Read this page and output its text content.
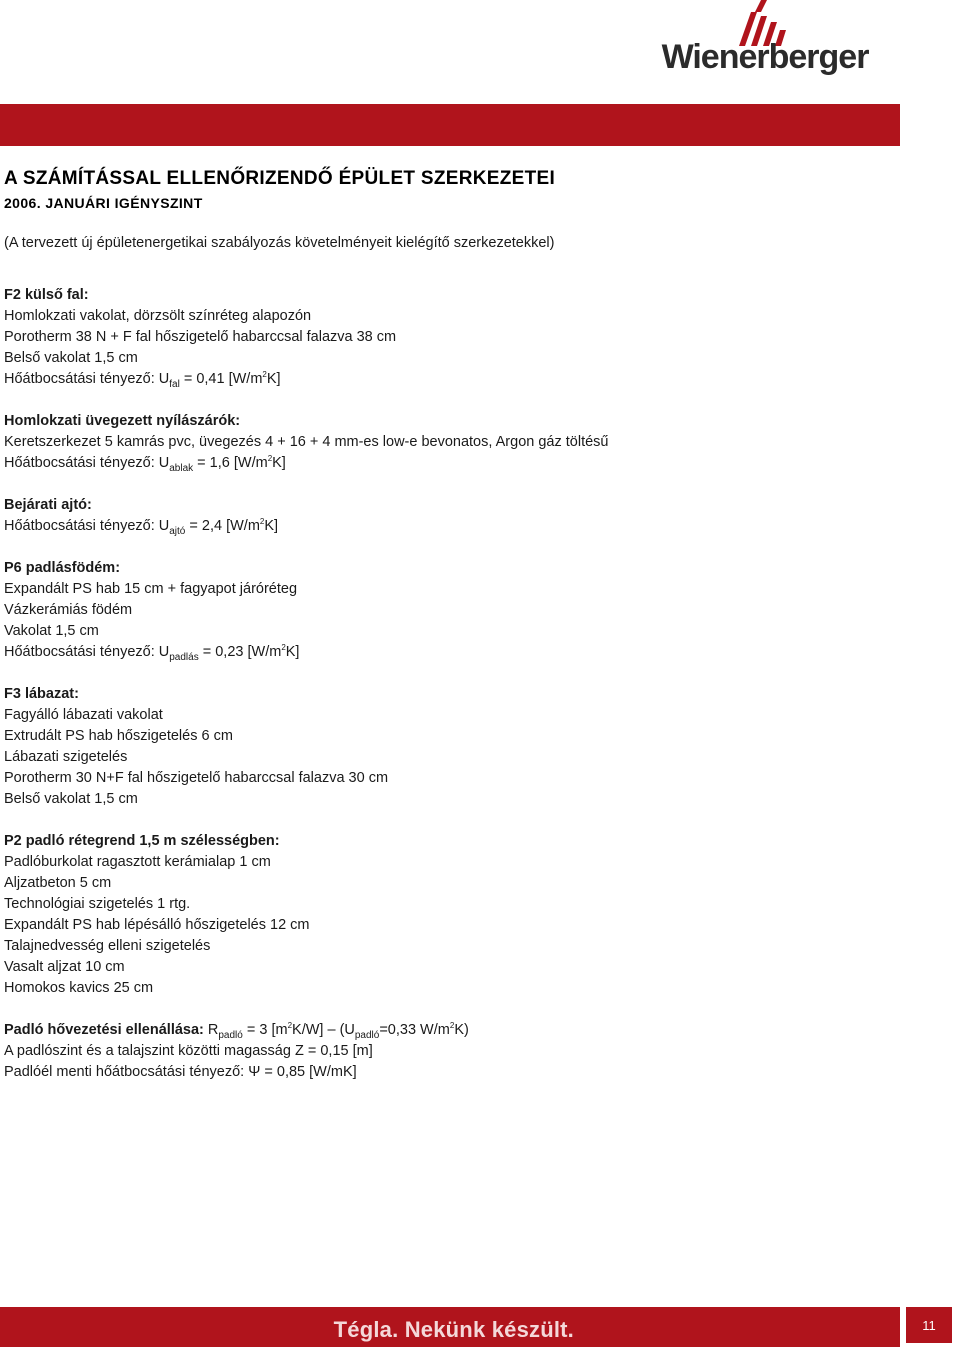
Wienerberger
A SZÁMÍTÁSSAL ELLENŐRIZENDŐ ÉPÜLET SZERKEZETEI
2006. JANUÁRI IGÉNYSZINT
(A tervezett új épületenergetikai szabályozás követelményeit kielégítő szerkezetekkel)
F2 külső fal:
Homlokzati vakolat, dörzsölt színréteg alapozón
Porotherm 38 N + F fal hőszigetelő habarccsal falazva 38 cm
Belső vakolat 1,5 cm
Hőátbocsátási tényező: $U_{fal} = 0,41$ $[W/m^2K]$
Homlokzati üvegezett nyílászárók:
Keretszerkezet 5 kamrás pvc, üvegezés 4 + 16 + 4 mm-es low-e bevonatos, Argon gáz töltésű
Hőátbocsátási tényező: $U_{ablak} = 1,6$ $[W/m^2K]$
Bejárati ajtó:
Hőátbocsátási tényező: $U_{ajtó} = 2,4$ $[W/m^2K]$
P6 padlásfödém:
Expandált PS hab 15 cm + fagyapot járóréteg
Vázkerámiás födém
Vakolat 1,5 cm
Hőátbocsátási tényező: $U_{padlás} = 0,23$ $[W/m^2K]$
F3 lábazat:
Fagyálló lábazati vakolat
Extrudált PS hab hőszigetelés 6 cm
Lábazati szigetelés
Porotherm 30 N+F fal hőszigetelő habarccsal falazva 30 cm
Belső vakolat 1,5 cm
P2 padló rétegrend 1,5 m szélességben:
Padlóburkolat ragasztott kerámialap 1 cm
Aljzatbeton 5 cm
Technológiai szigetelés 1 rtg.
Expandált PS hab lépésálló hőszigetelés 12 cm
Talajnedvesség elleni szigetelés
Vasalt aljzat 10 cm
Homokos kavics 25 cm
Padló hővezetési ellenállása: $R_{padló} = 3$ $[m^2K/W] - (U_{padló}=0,33$ $W/m^2K$)
A padlószint és a talajszint közötti magasság Z = 0,15 [m]
Padlóél menti hőátbocsátási tényező: Ψ = 0,85 [W/mK]
Tégla. Nekünk készült.	11
